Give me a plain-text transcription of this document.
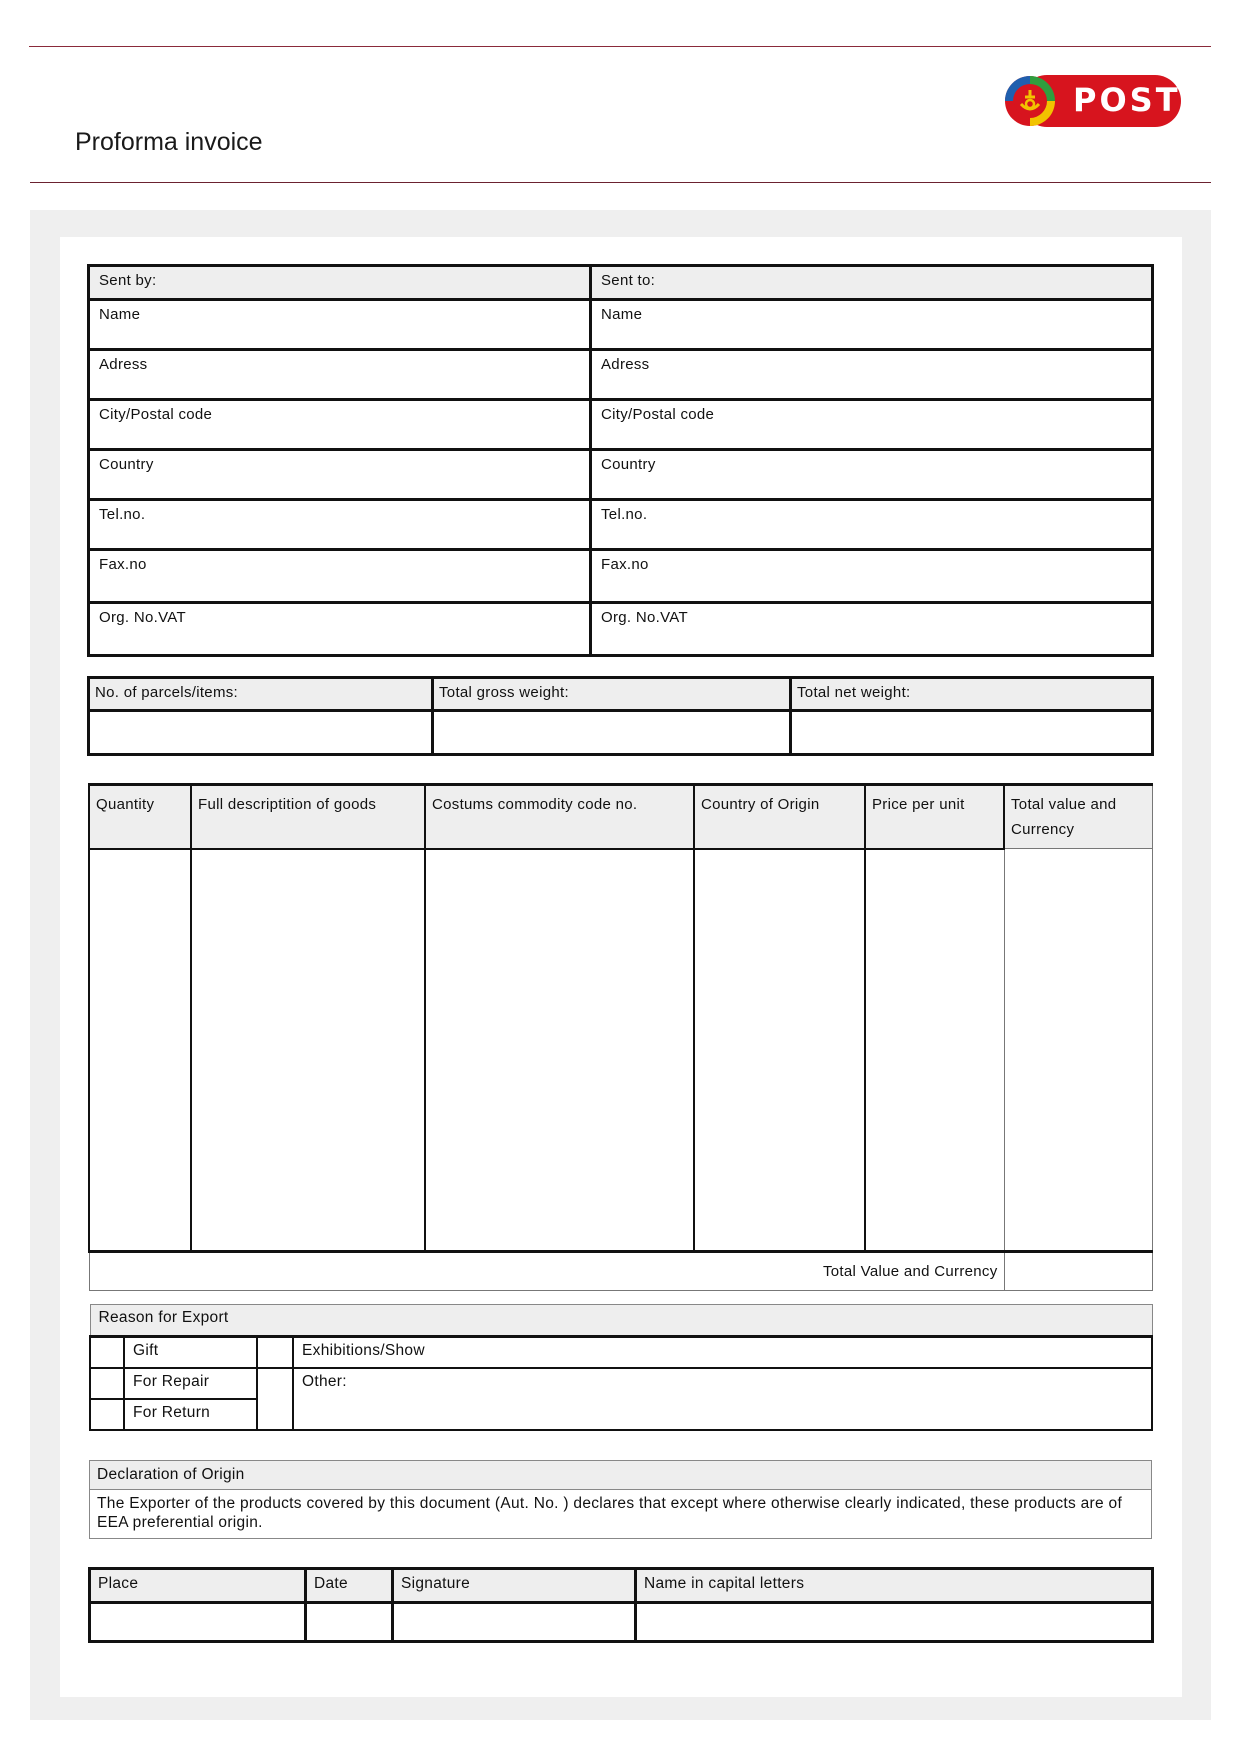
Proforma invoice
POST
Sent by:	Sent to:
Name	Name
Adress	Adress
City/Postal code	City/Postal code
Country	Country
Tel.no.	Tel.no.
Fax.no	Fax.no
Org. No.VAT	Org. No.VAT
No. of parcels/items:	Total gross weight:	Total net weight:

Quantity	Full descriptition of goods	Costums commodity code no.	Country of Origin	Price per unit	Total value and Currency

Total Value and Currency					
Reason for Export			
	Gift		Exhibitions/Show
	For Repair		Other:
	For Return		
Declaration of Origin
The Exporter of the products covered by this document (Aut. No. ) declares that except where otherwise clearly indicated, these products are of EEA preferential origin.
Place	Date	Signature	Name in capital letters
